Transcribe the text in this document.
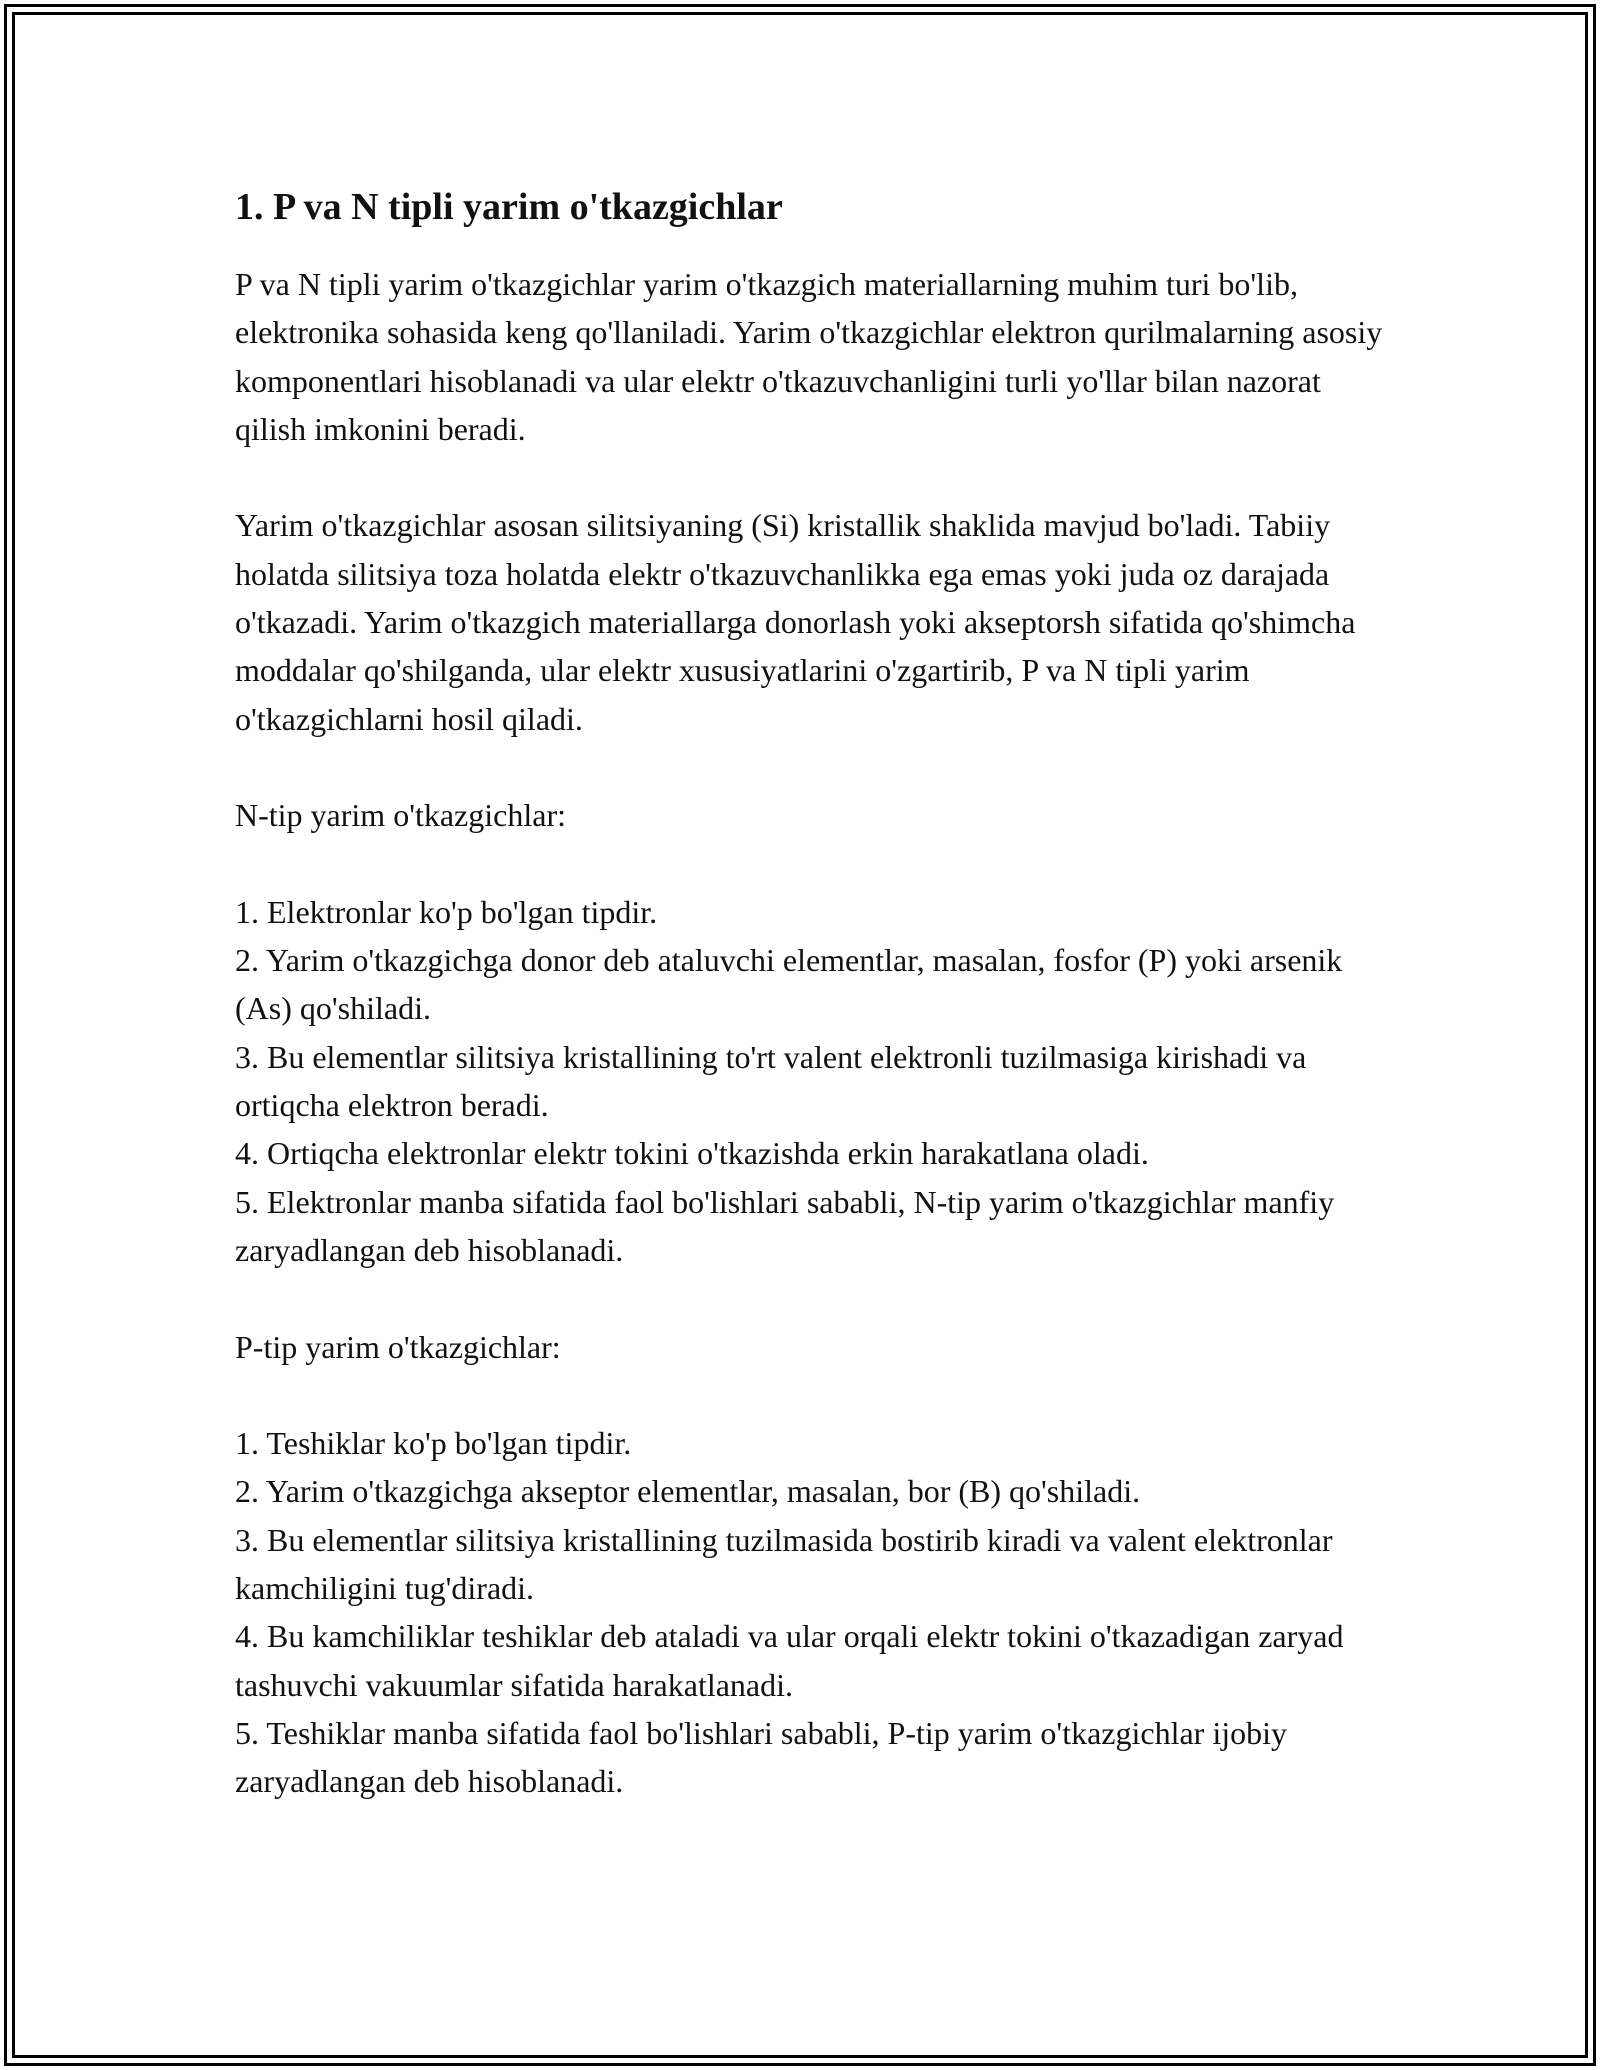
1. P va N tipli yarim o'tkazgichlar

P va N tipli yarim o'tkazgichlar yarim o'tkazgich materiallarning muhim turi bo'lib, elektronika sohasida keng qo'llaniladi. Yarim o'tkazgichlar elektron qurilmalarning asosiy komponentlari hisoblanadi va ular elektr o'tkazuvchanligini turli yo'llar bilan nazorat qilish imkonini beradi.

Yarim o'tkazgichlar asosan silitsiyaning (Si) kristallik shaklida mavjud bo'ladi. Tabiiy holatda silitsiya toza holatda elektr o'tkazuvchanlikka ega emas yoki juda oz darajada o'tkazadi. Yarim o'tkazgich materiallarga donorlash yoki akseptorsh sifatida qo'shimcha moddalar qo'shilganda, ular elektr xususiyatlarini o'zgartirib, P va N tipli yarim o'tkazgichlarni hosil qiladi.

N-tip yarim o'tkazgichlar:

1. Elektronlar ko'p bo'lgan tipdir.

2. Yarim o'tkazgichga donor deb ataluvchi elementlar, masalan, fosfor (P) yoki arsenik (As) qo'shiladi.

3. Bu elementlar silitsiya kristallining to'rt valent elektronli tuzilmasiga kirishadi va ortiqcha elektron beradi.

4. Ortiqcha elektronlar elektr tokini o'tkazishda erkin harakatlana oladi.

5. Elektronlar manba sifatida faol bo'lishlari sababli, N-tip yarim o'tkazgichlar manfiy zaryadlangan deb hisoblanadi.

P-tip yarim o'tkazgichlar:

1. Teshiklar ko'p bo'lgan tipdir.

2. Yarim o'tkazgichga akseptor elementlar, masalan, bor (B) qo'shiladi.

3. Bu elementlar silitsiya kristallining tuzilmasida bostirib kiradi va valent elektronlar kamchiligini tug'diradi.

4. Bu kamchiliklar teshiklar deb ataladi va ular orqali elektr tokini o'tkazadigan zaryad tashuvchi vakuumlar sifatida harakatlanadi.

5. Teshiklar manba sifatida faol bo'lishlari sababli, P-tip yarim o'tkazgichlar ijobiy zaryadlangan deb hisoblanadi.
